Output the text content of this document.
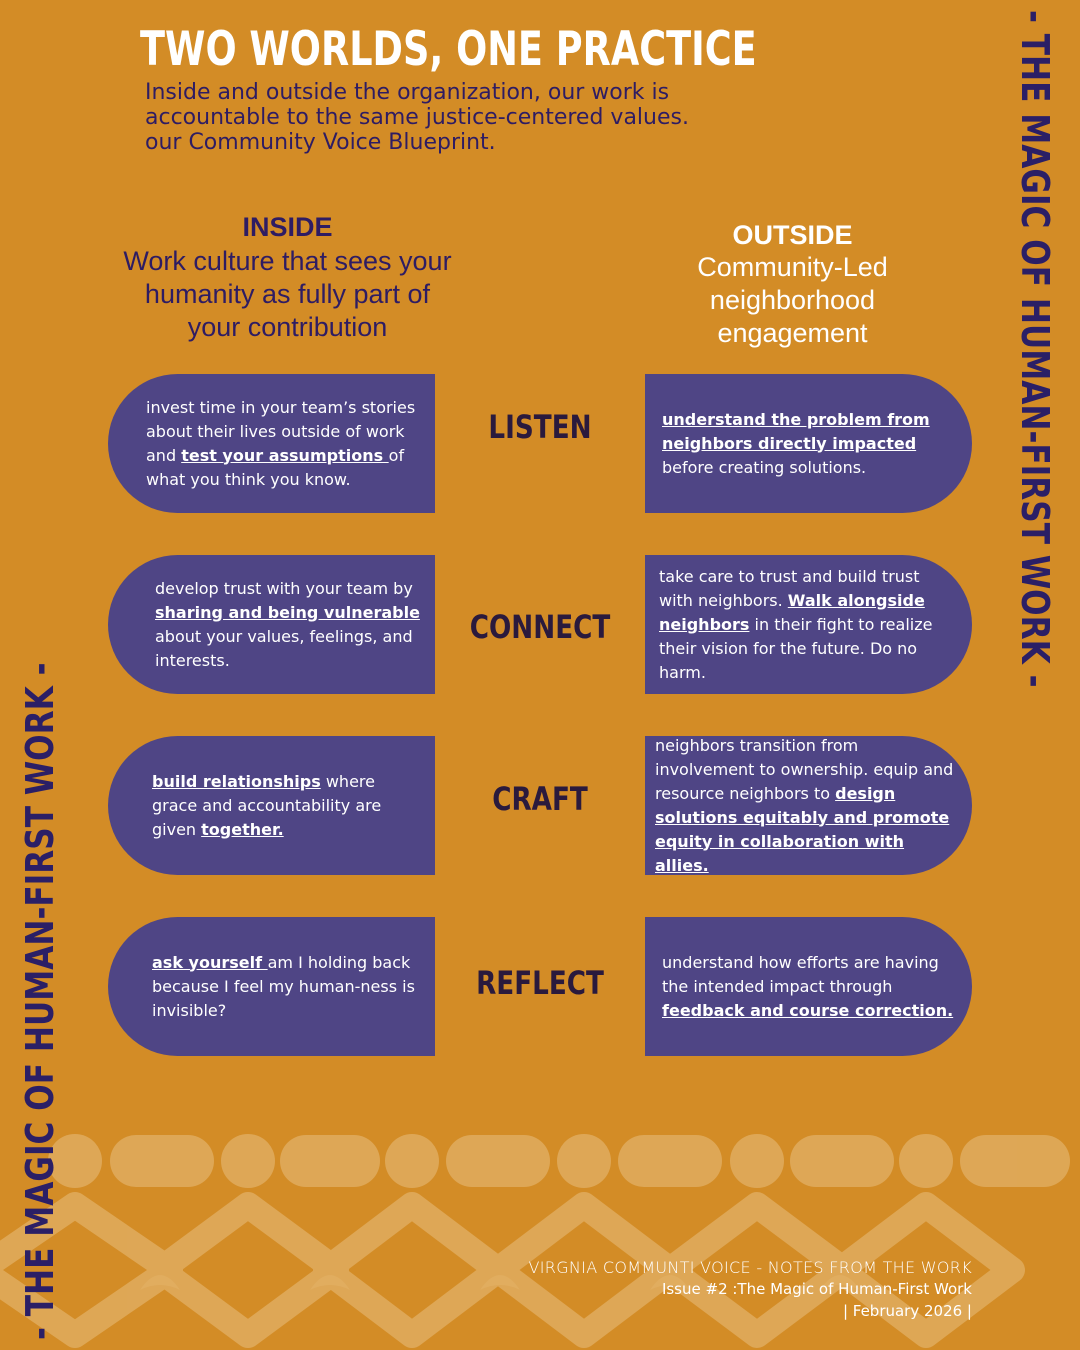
TWO WORLDS, ONE PRACTICE

Inside and outside the organization, our work is accountable to the same justice-centered values. our Community Voice Blueprint.

INSIDE
Work culture that sees your humanity as fully part of your contribution
OUTSIDE
Community-Led neighborhood engagement
invest time in your team’s stories about their lives outside of work and test your assumptions of what you think you know.
LISTEN	understand the problem from neighbors directly impacted before creating solutions.
develop trust with your team by sharing and being vulnerable about your values, feelings, and interests.
CONNECT
take care to trust and build trust with neighbors. Walk alongside neighbors in their fight to realize their vision for the future. Do no harm.
build relationships where grace and accountability are given together.
CRAFT
neighbors transition from involvement to ownership. equip and resource neighbors to design solutions equitably and promote equity in collaboration with allies.
ask yourself am I holding back because I feel my human-ness is invisible?
REFLECT
understand how efforts are having the intended impact through feedback and course correction.
- THE MAGIC OF HUMAN-FIRST WORK -
- THE MAGIC OF HUMAN-FIRST WORK -	VIRGNIA COMMUNTI VOICE - NOTES FROM THE WORK
Issue #2 :The Magic of Human-First Work
| February 2026 |
